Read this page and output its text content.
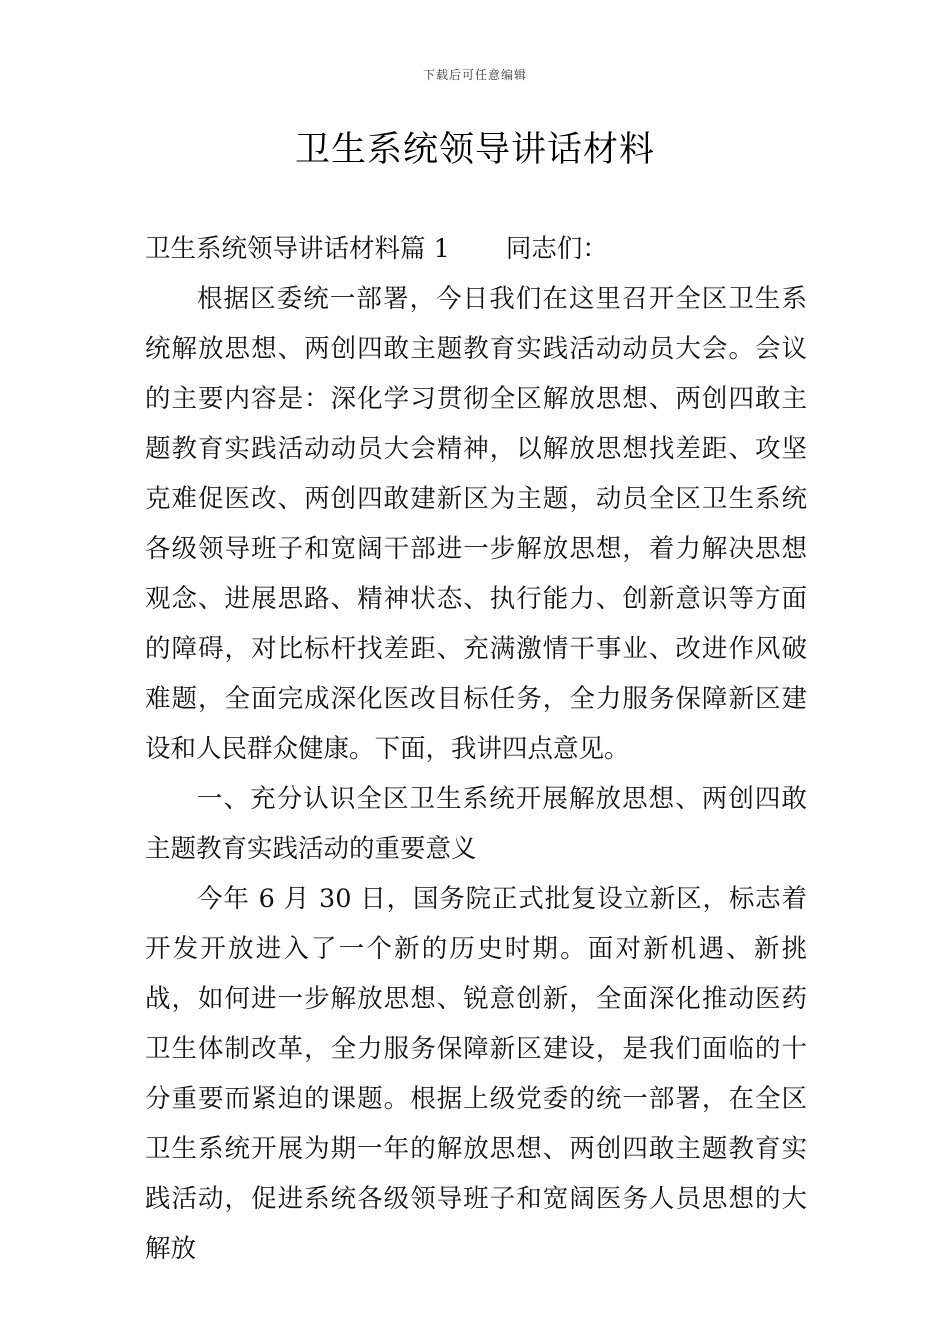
下载后可任意编辑
卫生系统领导讲话材料

卫生系统领导讲话材料篇 1 同志们：

根据区委统一部署，今日我们在这里召开全区卫生系统解放思想、两创四敢主题教育实践活动动员大会。会议的主要内容是：深化学习贯彻全区解放思想、两创四敢主题教育实践活动动员大会精神，以解放思想找差距、攻坚克难促医改、两创四敢建新区为主题，动员全区卫生系统各级领导班子和宽阔干部进一步解放思想，着力解决思想观念、进展思路、精神状态、执行能力、创新意识等方面的障碍，对比标杆找差距、充满激情干事业、改进作风破难题，全面完成深化医改目标任务，全力服务保障新区建设和人民群众健康。下面，我讲四点意见。

一、充分认识全区卫生系统开展解放思想、两创四敢主题教育实践活动的重要意义

今年 6 月 30 日，国务院正式批复设立新区，标志着开发开放进入了一个新的历史时期。面对新机遇、新挑战，如何进一步解放思想、锐意创新，全面深化推动医药卫生体制改革，全力服务保障新区建设，是我们面临的十分重要而紧迫的课题。根据上级党委的统一部署，在全区卫生系统开展为期一年的解放思想、两创四敢主题教育实践活动，促进系统各级领导班子和宽阔医务人员思想的大解放
